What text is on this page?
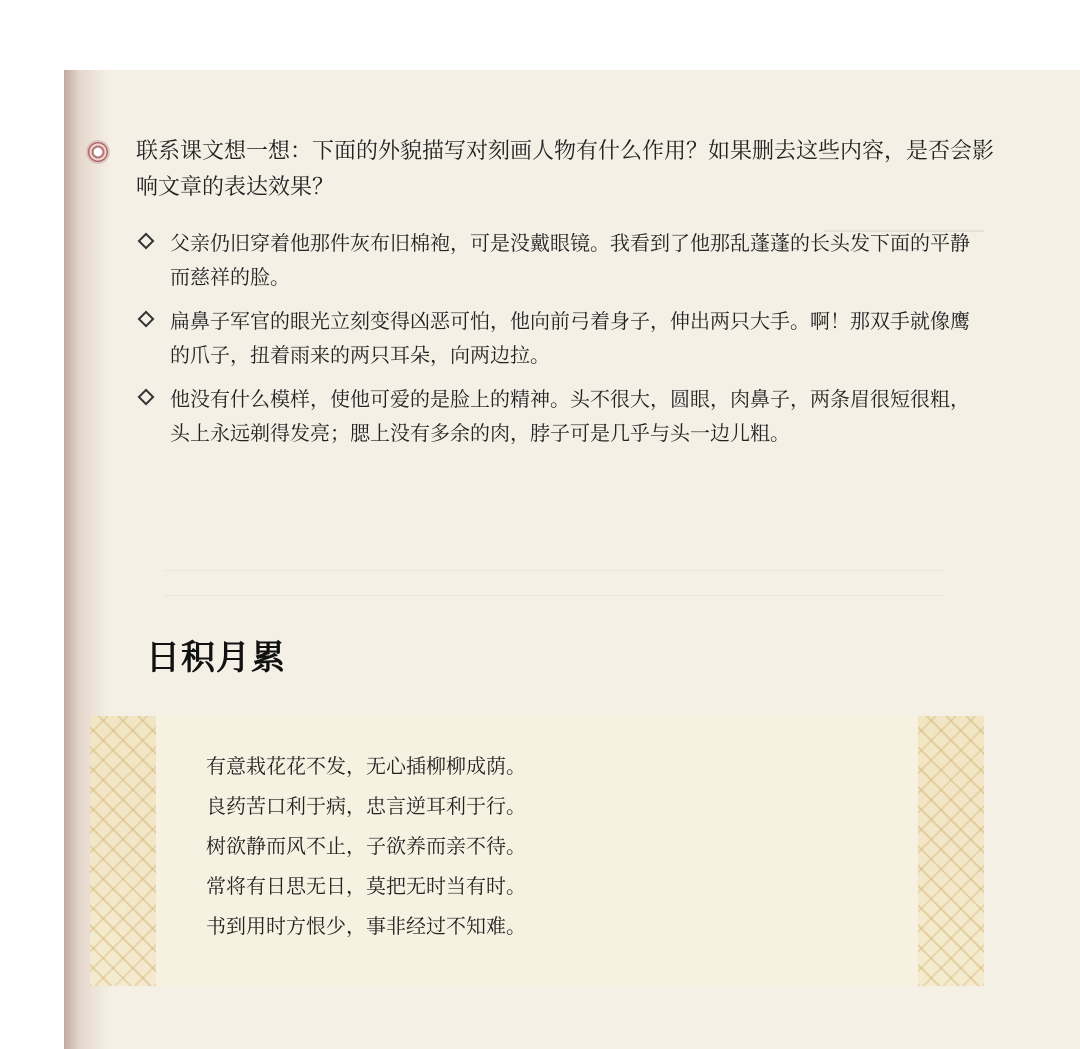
联系课文想一想：下面的外貌描写对刻画人物有什么作用？如果删去这些内容，是否会影响文章的表达效果？
父亲仍旧穿着他那件灰布旧棉袍，可是没戴眼镜。我看到了他那乱蓬蓬的长头发下面的平静而慈祥的脸。
扁鼻子军官的眼光立刻变得凶恶可怕，他向前弓着身子，伸出两只大手。啊！那双手就像鹰的爪子，扭着雨来的两只耳朵，向两边拉。
他没有什么模样，使他可爱的是脸上的精神。头不很大，圆眼，肉鼻子，两条眉很短很粗，头上永远剃得发亮；腮上没有多余的肉，脖子可是几乎与头一边儿粗。
日积月累
有意栽花花不发，无心插柳柳成荫。
良药苦口利于病，忠言逆耳利于行。
树欲静而风不止，子欲养而亲不待。
常将有日思无日，莫把无时当有时。
书到用时方恨少，事非经过不知难。
